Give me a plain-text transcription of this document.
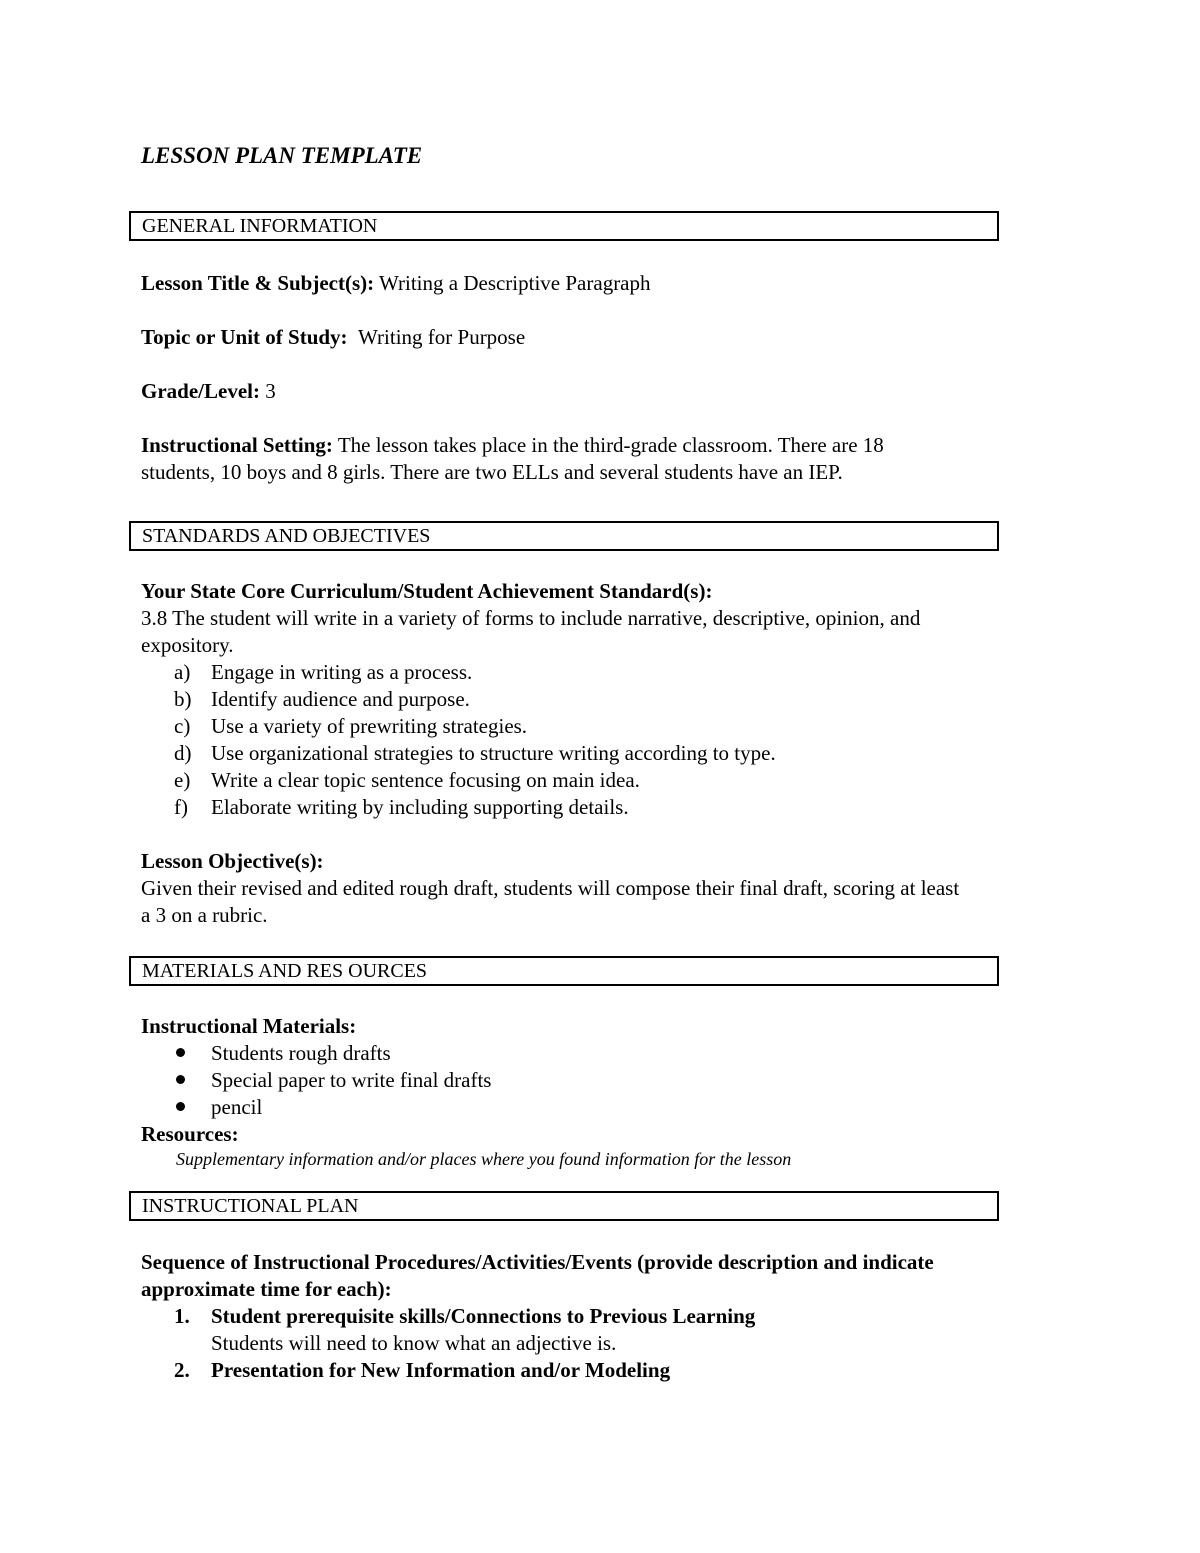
LESSON PLAN TEMPLATE
GENERAL INFORMATION
Lesson Title & Subject(s): Writing a Descriptive Paragraph
Topic or Unit of Study: Writing for Purpose
Grade/Level: 3
Instructional Setting: The lesson takes place in the third-grade classroom. There are 18
students, 10 boys and 8 girls. There are two ELLs and several students have an IEP.
STANDARDS AND OBJECTIVES
Your State Core Curriculum/Student Achievement Standard(s):
3.8 The student will write in a variety of forms to include narrative, descriptive, opinion, and
expository.
a) Engage in writing as a process.
b) Identify audience and purpose.
c) Use a variety of prewriting strategies.
d) Use organizational strategies to structure writing according to type.
e) Write a clear topic sentence focusing on main idea.
f) Elaborate writing by including supporting details.
Lesson Objective(s):
Given their revised and edited rough draft, students will compose their final draft, scoring at least
a 3 on a rubric.
MATERIALS AND RES OURCES
Instructional Materials:
Students rough drafts
Special paper to write final drafts
pencil
Resources:
Supplementary information and/or places where you found information for the lesson
INSTRUCTIONAL PLAN
Sequence of Instructional Procedures/Activities/Events (provide description and indicate
approximate time for each):
1. Student prerequisite skills/Connections to Previous Learning
Students will need to know what an adjective is.
2. Presentation for New Information and/or Modeling
